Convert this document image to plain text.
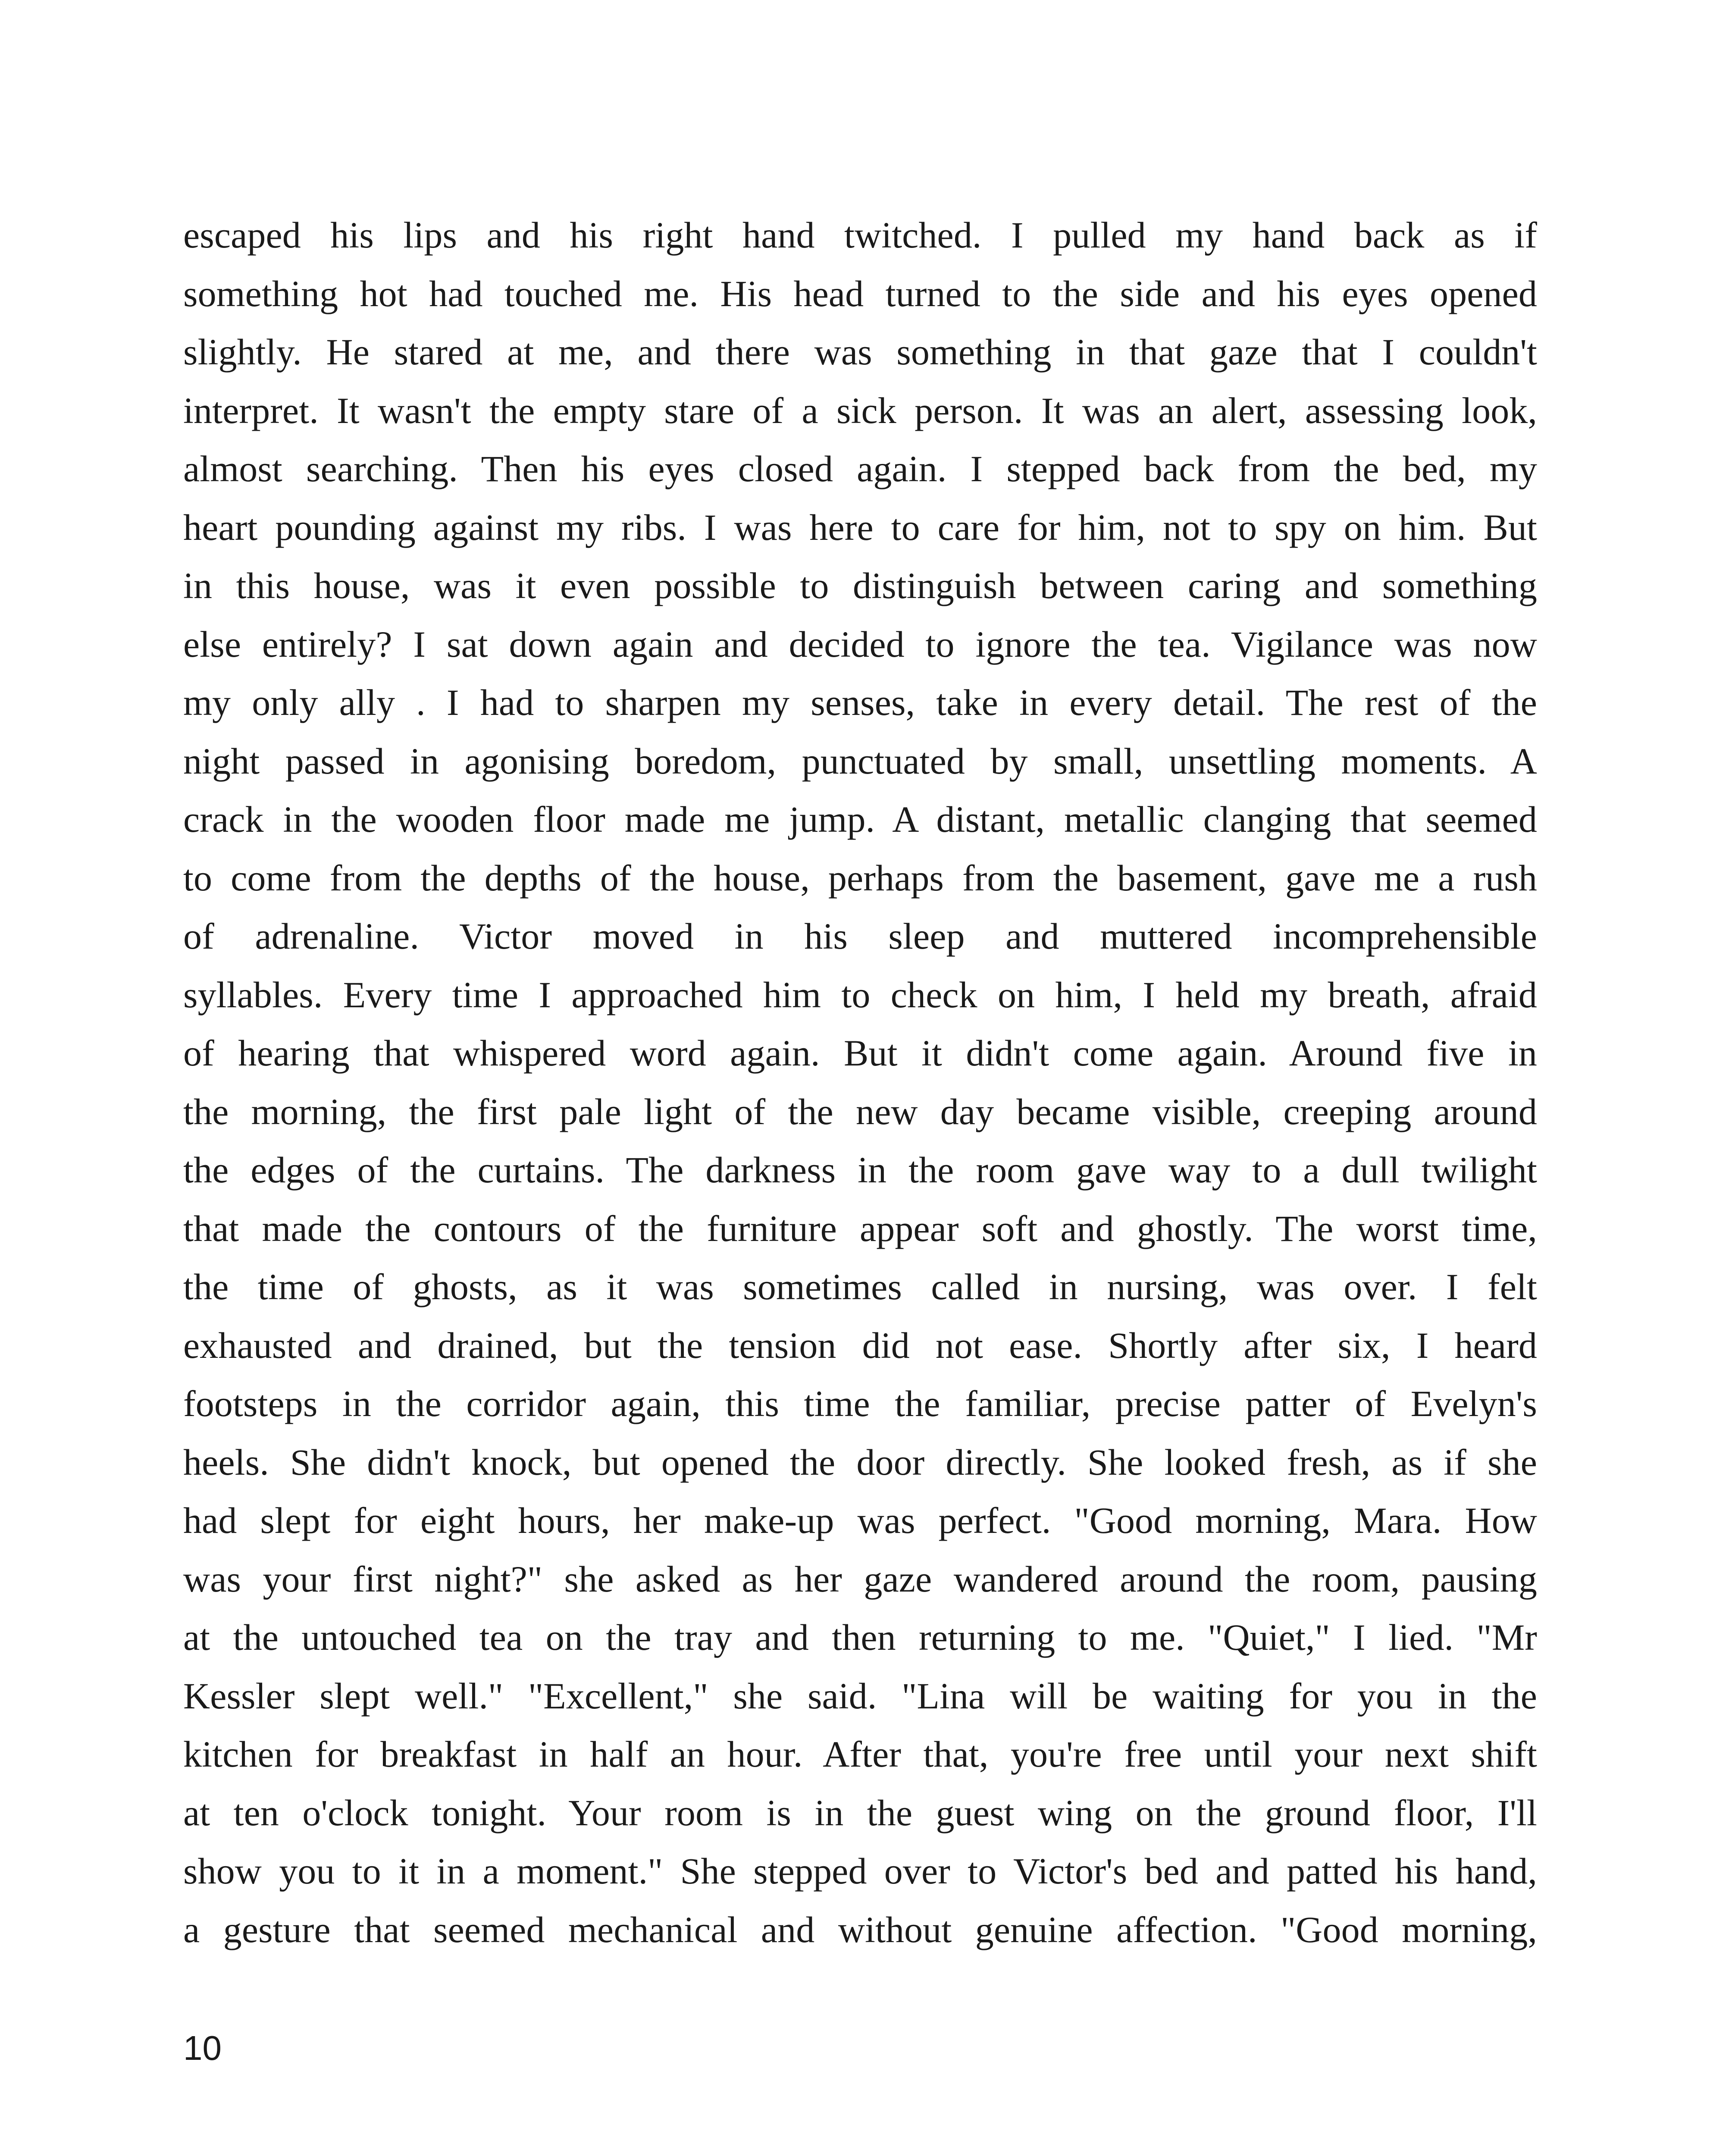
escaped his lips and his right hand twitched. I pulled my hand back as if
something hot had touched me. His head turned to the side and his eyes opened
slightly. He stared at me, and there was something in that gaze that I couldn't
interpret. It wasn't the empty stare of a sick person. It was an alert, assessing look,
almost searching. Then his eyes closed again. I stepped back from the bed, my
heart pounding against my ribs. I was here to care for him, not to spy on him. But
in this house, was it even possible to distinguish between caring and something
else entirely? I sat down again and decided to ignore the tea. Vigilance was now
my only ally . I had to sharpen my senses, take in every detail. The rest of the
night passed in agonising boredom, punctuated by small, unsettling moments. A
crack in the wooden floor made me jump. A distant, metallic clanging that seemed
to come from the depths of the house, perhaps from the basement, gave me a rush
of adrenaline. Victor moved in his sleep and muttered incomprehensible
syllables. Every time I approached him to check on him, I held my breath, afraid
of hearing that whispered word again. But it didn't come again. Around five in
the morning, the first pale light of the new day became visible, creeping around
the edges of the curtains. The darkness in the room gave way to a dull twilight
that made the contours of the furniture appear soft and ghostly. The worst time,
the time of ghosts, as it was sometimes called in nursing, was over. I felt
exhausted and drained, but the tension did not ease. Shortly after six, I heard
footsteps in the corridor again, this time the familiar, precise patter of Evelyn's
heels. She didn't knock, but opened the door directly. She looked fresh, as if she
had slept for eight hours, her make-up was perfect. "Good morning, Mara. How
was your first night?" she asked as her gaze wandered around the room, pausing
at the untouched tea on the tray and then returning to me. "Quiet," I lied. "Mr
Kessler slept well." "Excellent," she said. "Lina will be waiting for you in the
kitchen for breakfast in half an hour. After that, you're free until your next shift
at ten o'clock tonight. Your room is in the guest wing on the ground floor, I'll
show you to it in a moment." She stepped over to Victor's bed and patted his hand,
a gesture that seemed mechanical and without genuine affection. "Good morning,

10
